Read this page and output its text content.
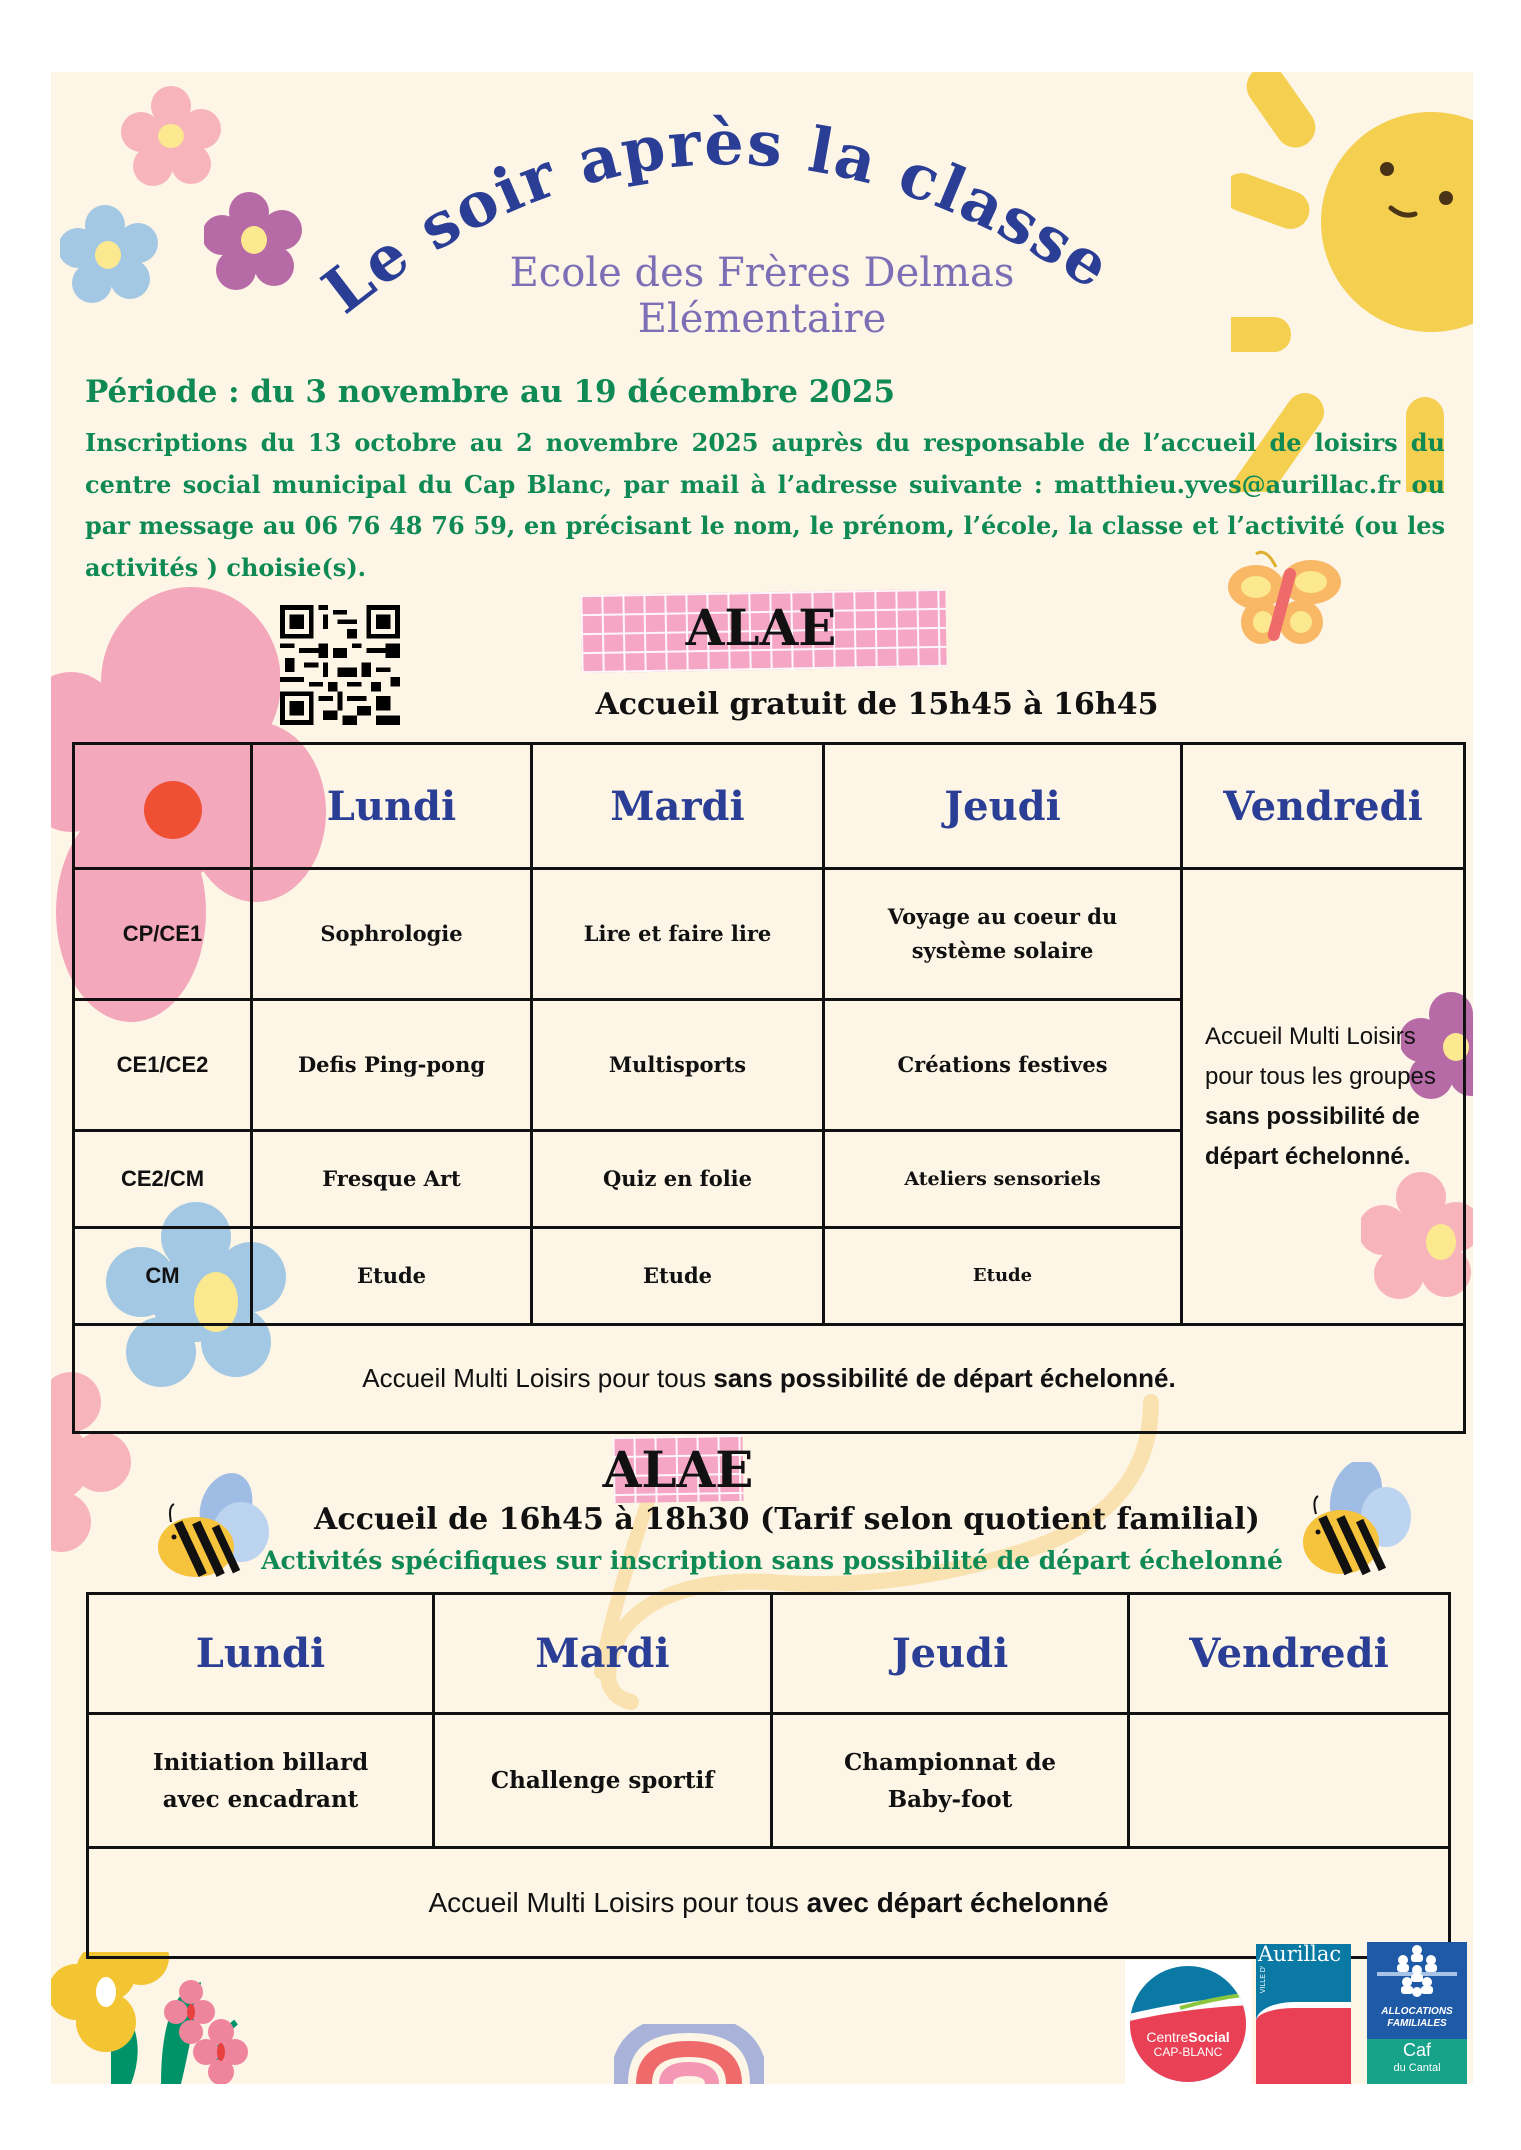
Le soir après la classe
Ecole des Frères Delmas
Elémentaire
Période : du 3 novembre au 19 décembre 2025
Inscriptions du 13 octobre au 2 novembre 2025 auprès du responsable de l’accueil de loisirs du centre social municipal du Cap Blanc, par mail à l’adresse suivante : matthieu.yves@aurillac.fr ou par message au 06 76 48 76 59, en précisant le nom, le prénom, l’école, la classe et l’activité (ou les activités ) choisie(s).
ALAE
Accueil gratuit de 15h45 à 16h45
	Lundi	Mardi	Jeudi	Vendredi
CP/CE1	Sophrologie	Lire et faire lire	Voyage au coeur du système solaire	Accueil Multi Loisirs pour tous les groupes sans possibilité de départ échelonné.
CE1/CE2	Defis Ping-pong	Multisports	Créations festives	
CE2/CM	Fresque Art	Quiz en folie	Ateliers sensoriels	
CM	Etude	Etude	Etude	
Accueil Multi Loisirs pour tous sans possibilité de départ échelonné.				
ALAE
Accueil de 16h45 à 18h30 (Tarif selon quotient familial)
Activités spécifiques sur inscription sans possibilité de départ échelonné
Lundi	Mardi	Jeudi	Vendredi

Initiation billard avec encadrant	Challenge sportif	Championnat de Baby-foot	

Accueil Multi Loisirs pour tous avec départ échelonné			
CentreSocial
CAP-BLANC
Aurillac
VILLE D'
ALLOCATIONS
FAMILIALES
Caf
du Cantal
